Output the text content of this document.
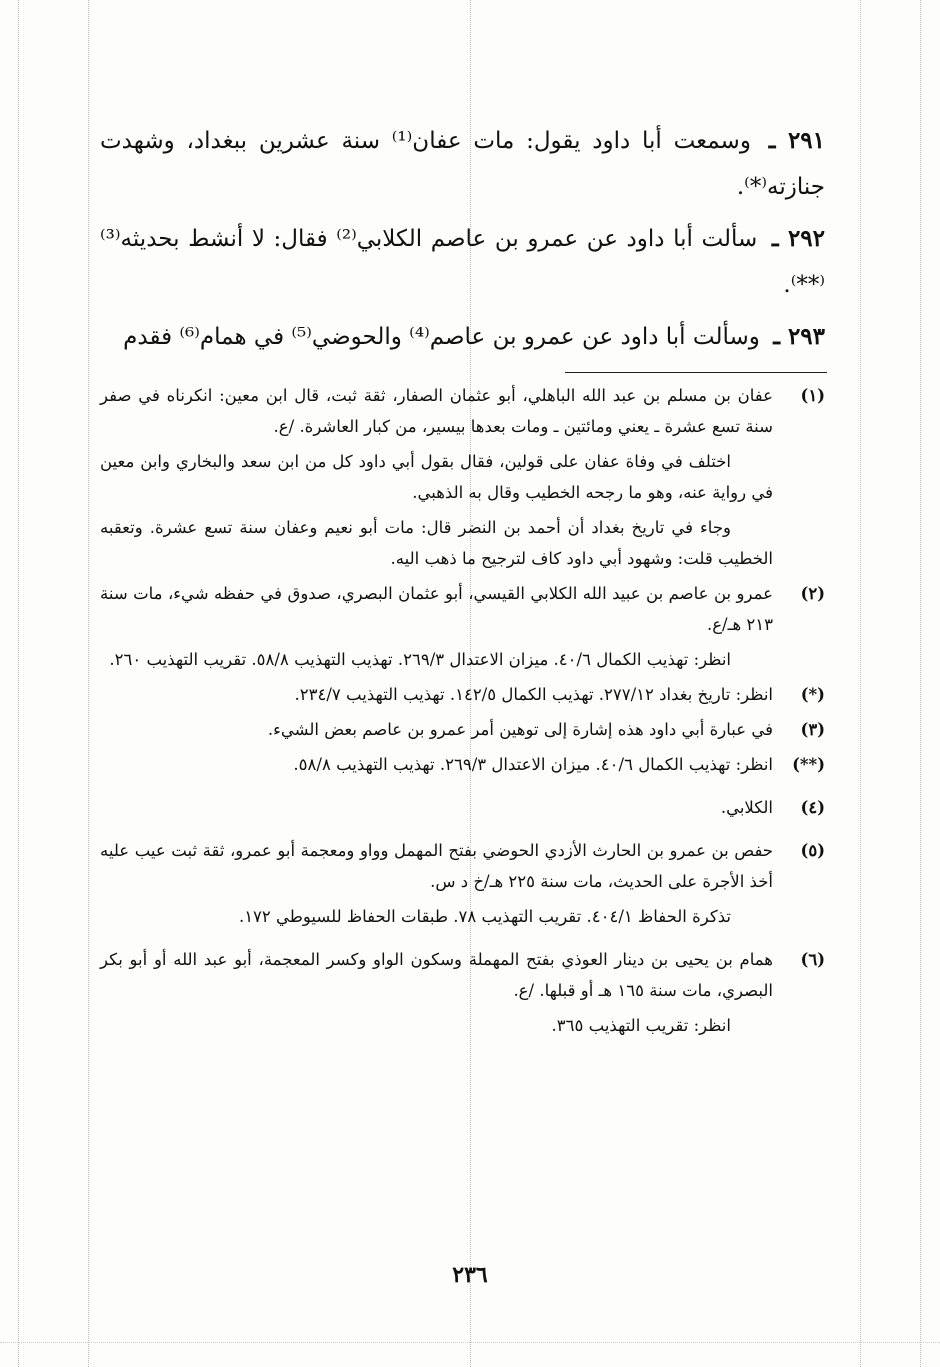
٢٩١ ـ وسمعت أبا داود يقول: مات عفان⁽¹⁾ سنة عشرين ببغداد، وشهدت جنازته⁽*⁾.
٢٩٢ ـ سألت أبا داود عن عمرو بن عاصم الكلابي⁽²⁾ فقال: لا أنشط بحديثه⁽³⁾ ⁽**⁾.
٢٩٣ ـ وسألت أبا داود عن عمرو بن عاصم⁽⁴⁾ والحوضي⁽⁵⁾ في همام⁽⁶⁾ فقدم
(١)

عفان بن مسلم بن عبد الله الباهلي، أبو عثمان الصفار، ثقة ثبت، قال ابن معين: انكرناه في صفر سنة تسع عشرة ـ يعني ومائتين ـ ومات بعدها بيسير، من كبار العاشرة. /ع.

اختلف في وفاة عفان على قولين، فقال بقول أبي داود كل من ابن سعد والبخاري وابن معين في رواية عنه، وهو ما رجحه الخطيب وقال به الذهبي.

وجاء في تاريخ بغداد أن أحمد بن النضر قال: مات أبو نعيم وعفان سنة تسع عشرة. وتعقبه الخطيب قلت: وشهود أبي داود كاف لترجيح ما ذهب اليه.

(٢)

عمرو بن عاصم بن عبيد الله الكلابي القيسي، أبو عثمان البصري، صدوق في حفظه شيء، مات سنة ٢١٣ هـ/ع.

انظر: تهذيب الكمال ٤٠/٦. ميزان الاعتدال ٢٦٩/٣. تهذيب التهذيب ٥٨/٨. تقريب التهذيب ٢٦٠.

(*)

انظر: تاريخ بغداد ٢٧٧/١٢. تهذيب الكمال ١٤٢/٥. تهذيب التهذيب ٢٣٤/٧.

(٣)

في عبارة أبي داود هذه إشارة إلى توهين أمر عمرو بن عاصم بعض الشيء.

(**)

انظر: تهذيب الكمال ٤٠/٦. ميزان الاعتدال ٢٦٩/٣. تهذيب التهذيب ٥٨/٨.

(٤)

الكلابي.

(٥)

حفص بن عمرو بن الحارث الأزدي الحوضي بفتح المهمل وواو ومعجمة أبو عمرو، ثقة ثبت عيب عليه أخذ الأجرة على الحديث، مات سنة ٢٢٥ هـ/خ د س.

تذكرة الحفاظ ٤٠٤/١. تقريب التهذيب ٧٨. طبقات الحفاظ للسيوطي ١٧٢.

(٦)

همام بن يحيى بن دينار العوذي بفتح المهملة وسكون الواو وكسر المعجمة، أبو عبد الله أو أبو بكر البصري، مات سنة ١٦٥ هـ أو قبلها. /ع.

انظر: تقريب التهذيب ٣٦٥.

٢٣٦
